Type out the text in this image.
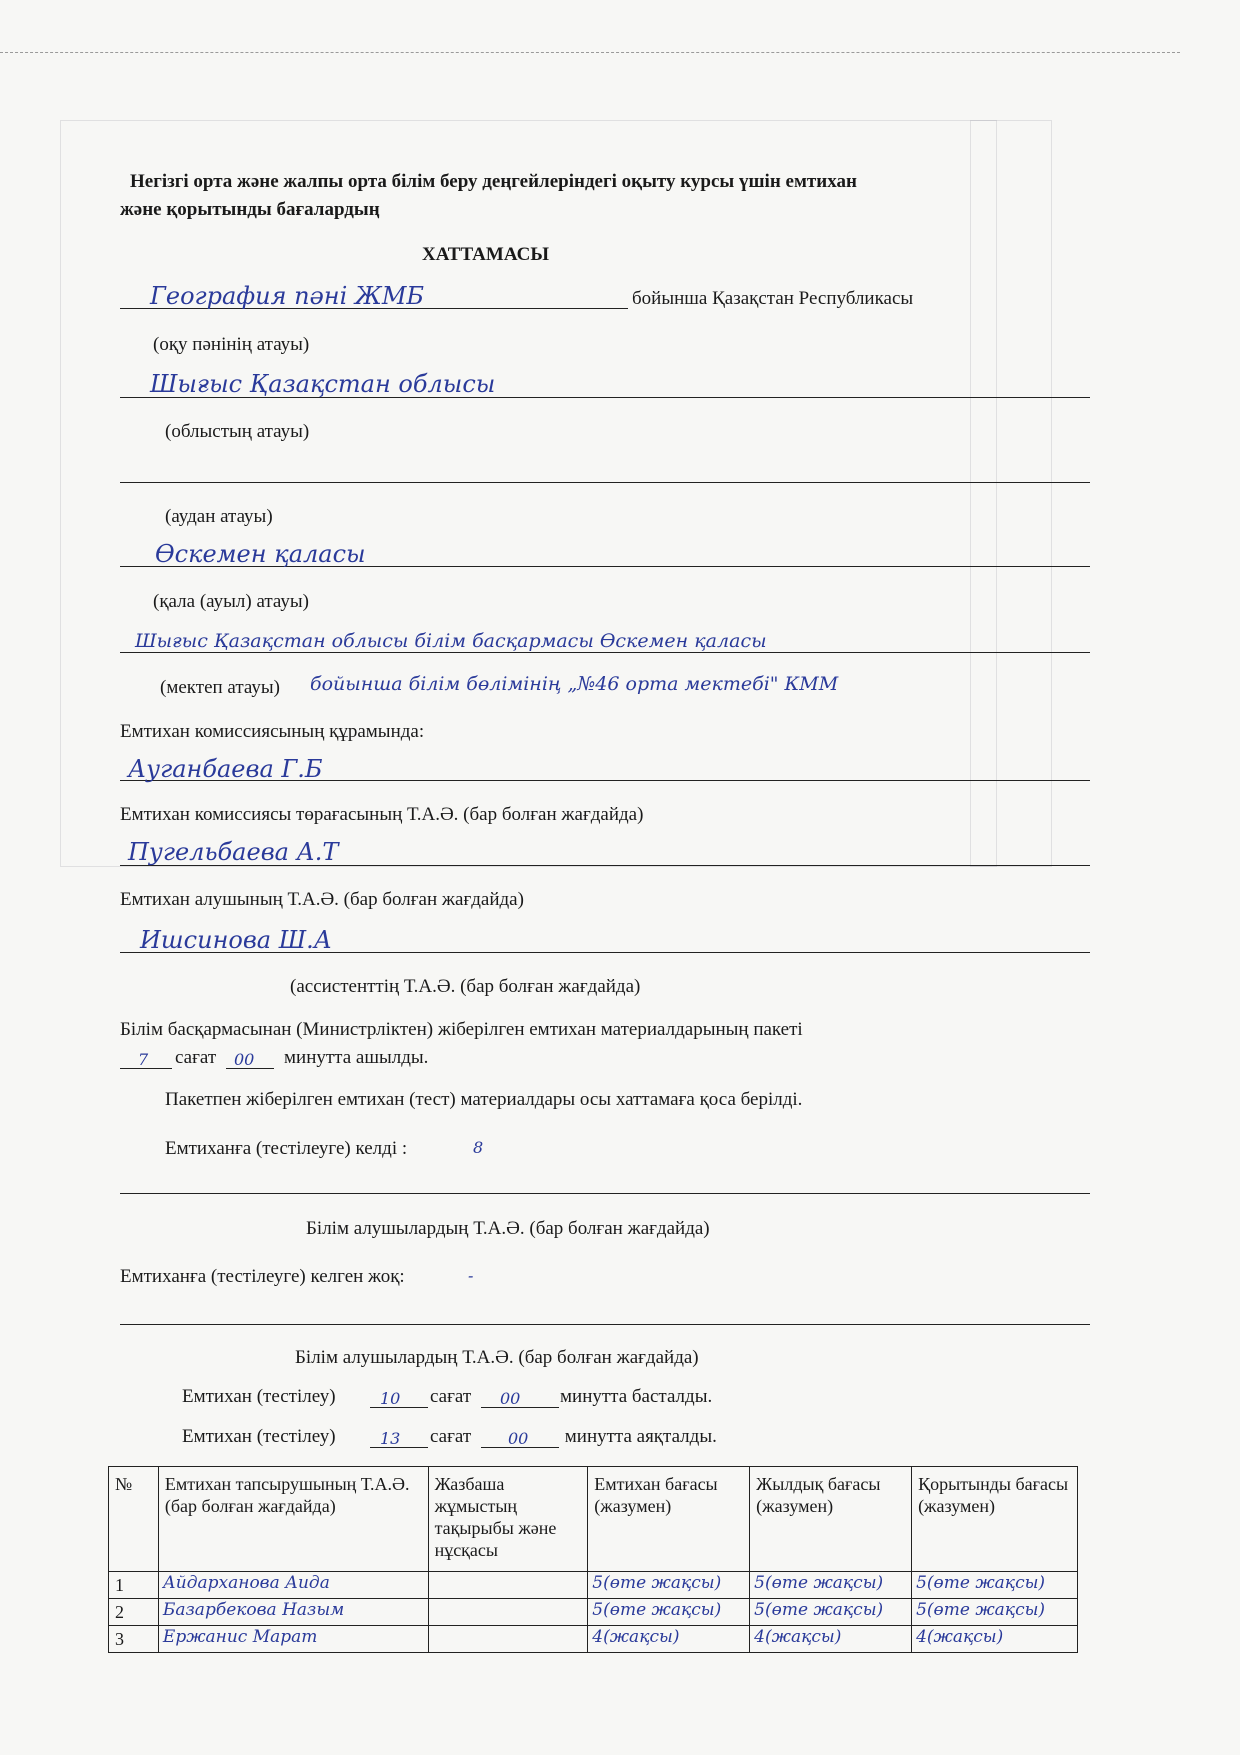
Негізгі орта және жалпы орта білім беру деңгейлеріндегі оқыту курсы үшін емтихан
және қорытынды бағалардың
ХАТТАМАСЫ
География пәні ЖМБ	бойынша Қазақстан Республикасы
(оқу пәнінің атауы)
Шығыс Қазақстан облысы
(облыстың атауы)
(аудан атауы)
Өскемен қаласы
(қала (ауыл) атауы)
Шығыс Қазақстан облысы білім басқармасы Өскемен қаласы
(мектеп атауы) бойынша білім бөлімінің „№46 орта мектебі" КММ
Емтихан комиссиясының құрамында:
Ауганбаева Г.Б
Емтихан комиссиясы төрағасының Т.А.Ә. (бар болған жағдайда)
Пугельбаева А.Т
Емтихан алушының Т.А.Ә. (бар болған жағдайда)
Ишсинова Ш.А
(ассистенттің Т.А.Ә. (бар болған жағдайда)
Білім басқармасынан (Министрліктен) жіберілген емтихан материалдарының пакеті
7 сағат 00 минутта ашылды.
Пакетпен жіберілген емтихан (тест) материалдары осы хаттамаға қоса берілді.
Емтиханға (тестілеуге) келді :	8
Білім алушылардың Т.А.Ә. (бар болған жағдайда)
Емтиханға (тестілеуге) келген жоқ:	-
Білім алушылардың Т.А.Ә. (бар болған жағдайда)
Емтихан (тестілеу)	10 сағат 00 минутта басталды.
Емтихан (тестілеу)	13 сағат 00 минутта аяқталды.
№	Емтихан тапсырушының Т.А.Ә. (бар болған жағдайда)	Жазбаша жұмыстың тақырыбы және нұсқасы	Емтихан бағасы (жазумен)	Жылдық бағасы (жазумен)	Қорытынды бағасы (жазумен)
1	Айдарханова Аида		5(өте жақсы)	5(өте жақсы)	5(өте жақсы)
2	Базарбекова Назым		5(өте жақсы)	5(өте жақсы)	5(өте жақсы)
3	Ержанис Марат		4(жақсы)	4(жақсы)	4(жақсы)
